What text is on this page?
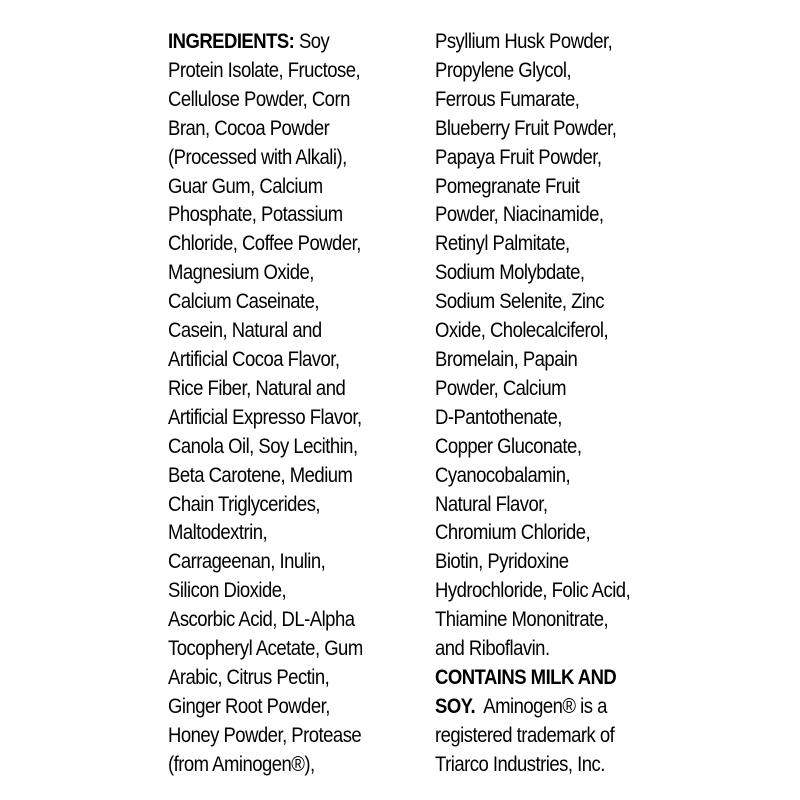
INGREDIENTS: Soy
Protein Isolate, Fructose,
Cellulose Powder, Corn
Bran, Cocoa Powder
(Processed with Alkali),
Guar Gum, Calcium
Phosphate, Potassium
Chloride, Coffee Powder,
Magnesium Oxide,
Calcium Caseinate,
Casein, Natural and
Artificial Cocoa Flavor,
Rice Fiber, Natural and
Artificial Expresso Flavor,
Canola Oil, Soy Lecithin,
Beta Carotene, Medium
Chain Triglycerides,
Maltodextrin,
Carrageenan, Inulin,
Silicon Dioxide,
Ascorbic Acid, DL-Alpha
Tocopheryl Acetate, Gum
Arabic, Citrus Pectin,
Ginger Root Powder,
Honey Powder, Protease
(from Aminogen®),
Psyllium Husk Powder,
Propylene Glycol,
Ferrous Fumarate,
Blueberry Fruit Powder,
Papaya Fruit Powder,
Pomegranate Fruit
Powder, Niacinamide,
Retinyl Palmitate,
Sodium Molybdate,
Sodium Selenite, Zinc
Oxide, Cholecalciferol,
Bromelain, Papain
Powder, Calcium
D-Pantothenate,
Copper Gluconate,
Cyanocobalamin,
Natural Flavor,
Chromium Chloride,
Biotin, Pyridoxine
Hydrochloride, Folic Acid,
Thiamine Mononitrate,
and Riboflavin.
CONTAINS MILK AND
SOY.  Aminogen® is a
registered trademark of
Triarco Industries, Inc.
